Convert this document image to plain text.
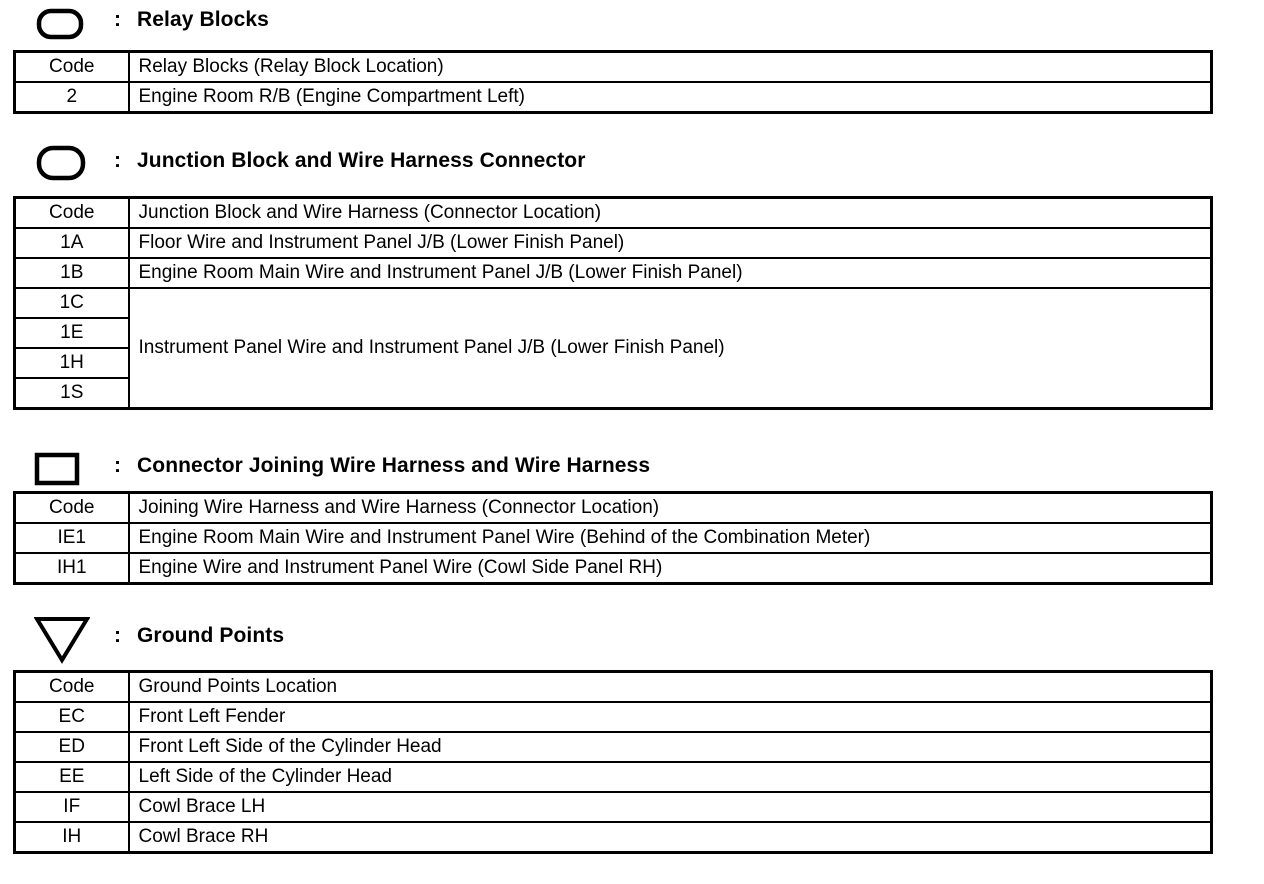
: Relay Blocks
Code	Relay Blocks (Relay Block Location)
2	Engine Room R/B (Engine Compartment Left)
: Junction Block and Wire Harness Connector
Code	Junction Block and Wire Harness (Connector Location)
1A	Floor Wire and Instrument Panel J/B (Lower Finish Panel)
1B	Engine Room Main Wire and Instrument Panel J/B (Lower Finish Panel)
1C	Instrument Panel Wire and Instrument Panel J/B (Lower Finish Panel)
1E	
1H	
1S	
: Connector Joining Wire Harness and Wire Harness
Code	Joining Wire Harness and Wire Harness (Connector Location)
IE1	Engine Room Main Wire and Instrument Panel Wire (Behind of the Combination Meter)
IH1	Engine Wire and Instrument Panel Wire (Cowl Side Panel RH)
: Ground Points
Code	Ground Points Location
EC	Front Left Fender
ED	Front Left Side of the Cylinder Head
EE	Left Side of the Cylinder Head
IF	Cowl Brace LH
IH	Cowl Brace RH
